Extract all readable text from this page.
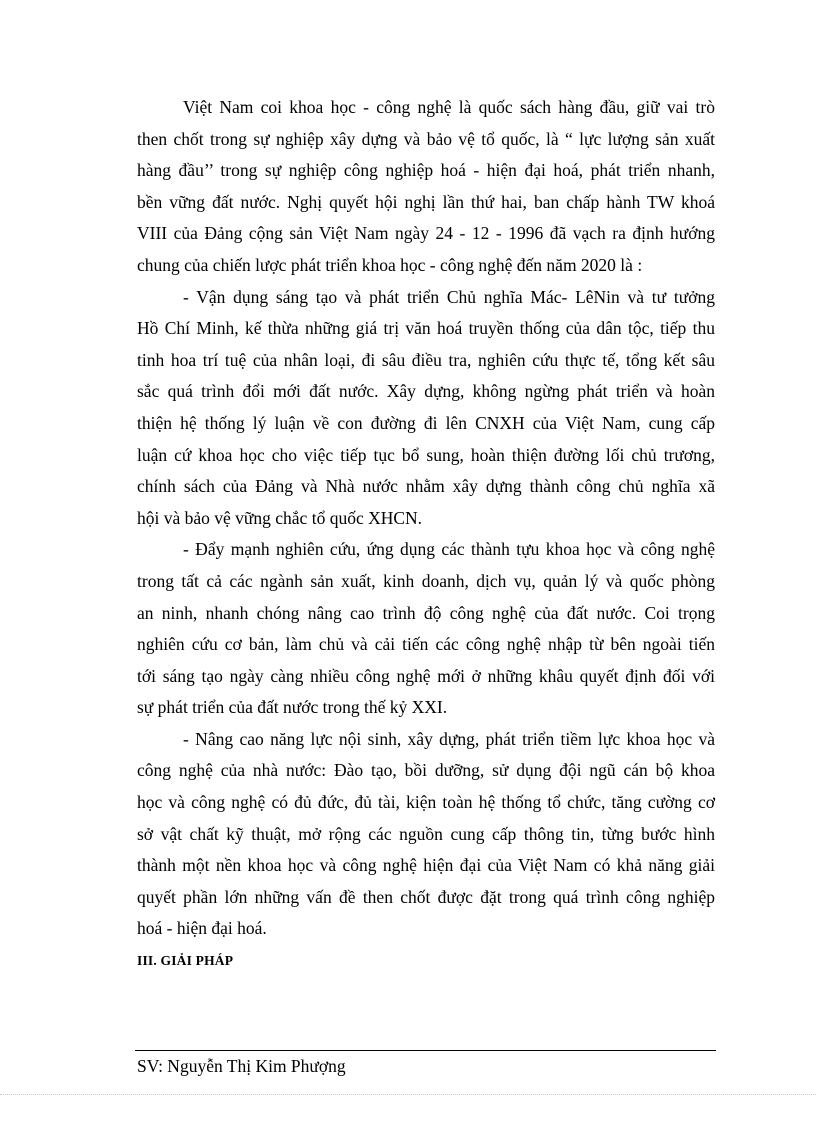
Việt Nam coi khoa học - công nghệ là quốc sách hàng đầu, giữ vai trò
then chốt trong sự nghiệp xây dựng và bảo vệ tổ quốc, là “ lực lượng sản xuất
hàng đầu’’ trong sự nghiệp công nghiệp hoá - hiện đại hoá, phát triển nhanh,
bền vững đất nước. Nghị quyết hội nghị lần thứ hai, ban chấp hành TW khoá
VIII của Đảng cộng sản Việt Nam ngày 24 - 12 - 1996 đã vạch ra định hướng
chung của chiến lược phát triển khoa học - công nghệ đến năm 2020 là :

- Vận dụng sáng tạo và phát triển Chủ nghĩa Mác- LêNin và tư tưởng
Hồ Chí Minh, kế thừa những giá trị văn hoá truyền thống của dân tộc, tiếp thu
tinh hoa trí tuệ của nhân loại, đi sâu điều tra, nghiên cứu thực tế, tổng kết sâu
sắc quá trình đổi mới đất nước. Xây dựng, không ngừng phát triển và hoàn
thiện hệ thống lý luận về con đường đi lên CNXH của Việt Nam, cung cấp
luận cứ khoa học cho việc tiếp tục bổ sung, hoàn thiện đường lối chủ trương,
chính sách của Đảng và Nhà nước nhằm xây dựng thành công chủ nghĩa xã
hội và bảo vệ vững chắc tổ quốc XHCN.

- Đẩy mạnh nghiên cứu, ứng dụng các thành tựu khoa học và công nghệ
trong tất cả các ngành sản xuất, kinh doanh, dịch vụ, quản lý và quốc phòng
an ninh, nhanh chóng nâng cao trình độ công nghệ của đất nước. Coi trọng
nghiên cứu cơ bản, làm chủ và cải tiến các công nghệ nhập từ bên ngoài tiến
tới sáng tạo ngày càng nhiều công nghệ mới ở những khâu quyết định đối với
sự phát triển của đất nước trong thế kỷ XXI.

- Nâng cao năng lực nội sinh, xây dựng, phát triển tiềm lực khoa học và
công nghệ của nhà nước: Đào tạo, bồi dưỡng, sử dụng đội ngũ cán bộ khoa
học và công nghệ có đủ đức, đủ tài, kiện toàn hệ thống tổ chức, tăng cường cơ
sở vật chất kỹ thuật, mở rộng các nguồn cung cấp thông tin, từng bước hình
thành một nền khoa học và công nghệ hiện đại của Việt Nam có khả năng giải
quyết phần lớn những vấn đề then chốt được đặt trong quá trình công nghiệp
hoá - hiện đại hoá.

III. GIẢI PHÁP
SV: Nguyễn Thị Kim Phượng
